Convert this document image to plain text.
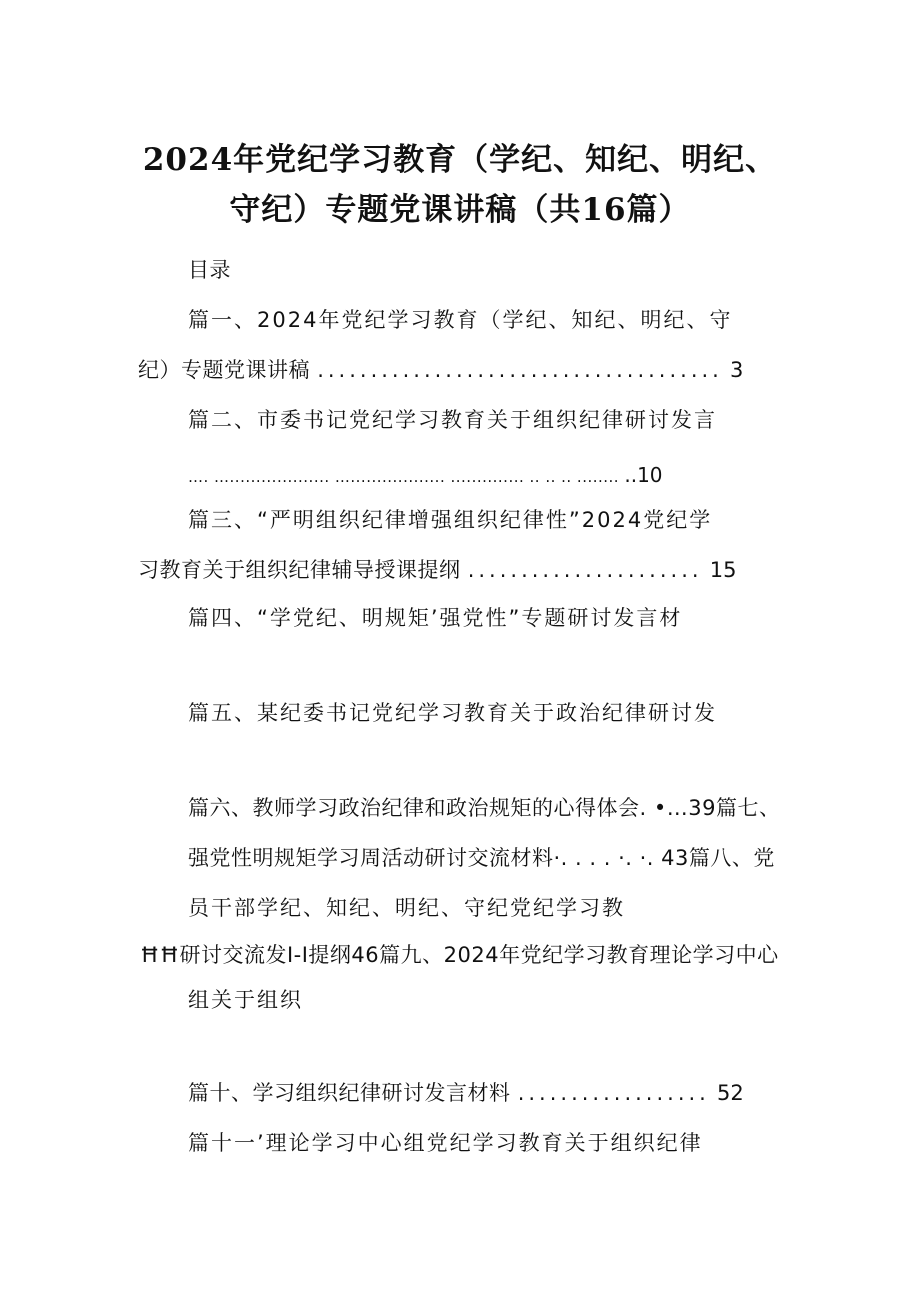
2024年党纪学习教育（学纪、知纪、明纪、
守纪）专题党课讲稿（共16篇）
目录
篇一、2024年党纪学习教育（学纪、知纪、明纪、守
纪）专题党课讲稿 ...................................... 3
篇二、市委书记党纪学习教育关于组织纪律研讨发言
…. …................... ….................. .............. .. .. .. ........ ..10
篇三、“严明组织纪律增强组织纪律性”2024党纪学
习教育关于组织纪律辅导授课提纲 ...................... 15
篇四、“学党纪、明规矩’强党性”专题研讨发言材
篇五、某纪委书记党纪学习教育关于政治纪律研讨发
篇六、教师学习政治纪律和政治规矩的心得体会. •…39篇七、
强党性明规矩学习周活动研讨交流材料·. . . . ·. ·. 43篇八、党
员干部学纪、知纪、明纪、守纪党纪学习教
ĦĦ研讨交流发I-I提纲46篇九、2024年党纪学习教育理论学习中心
组关于组织
篇十、学习组织纪律研讨发言材料 .................. 52
篇十一’理论学习中心组党纪学习教育关于组织纪律
